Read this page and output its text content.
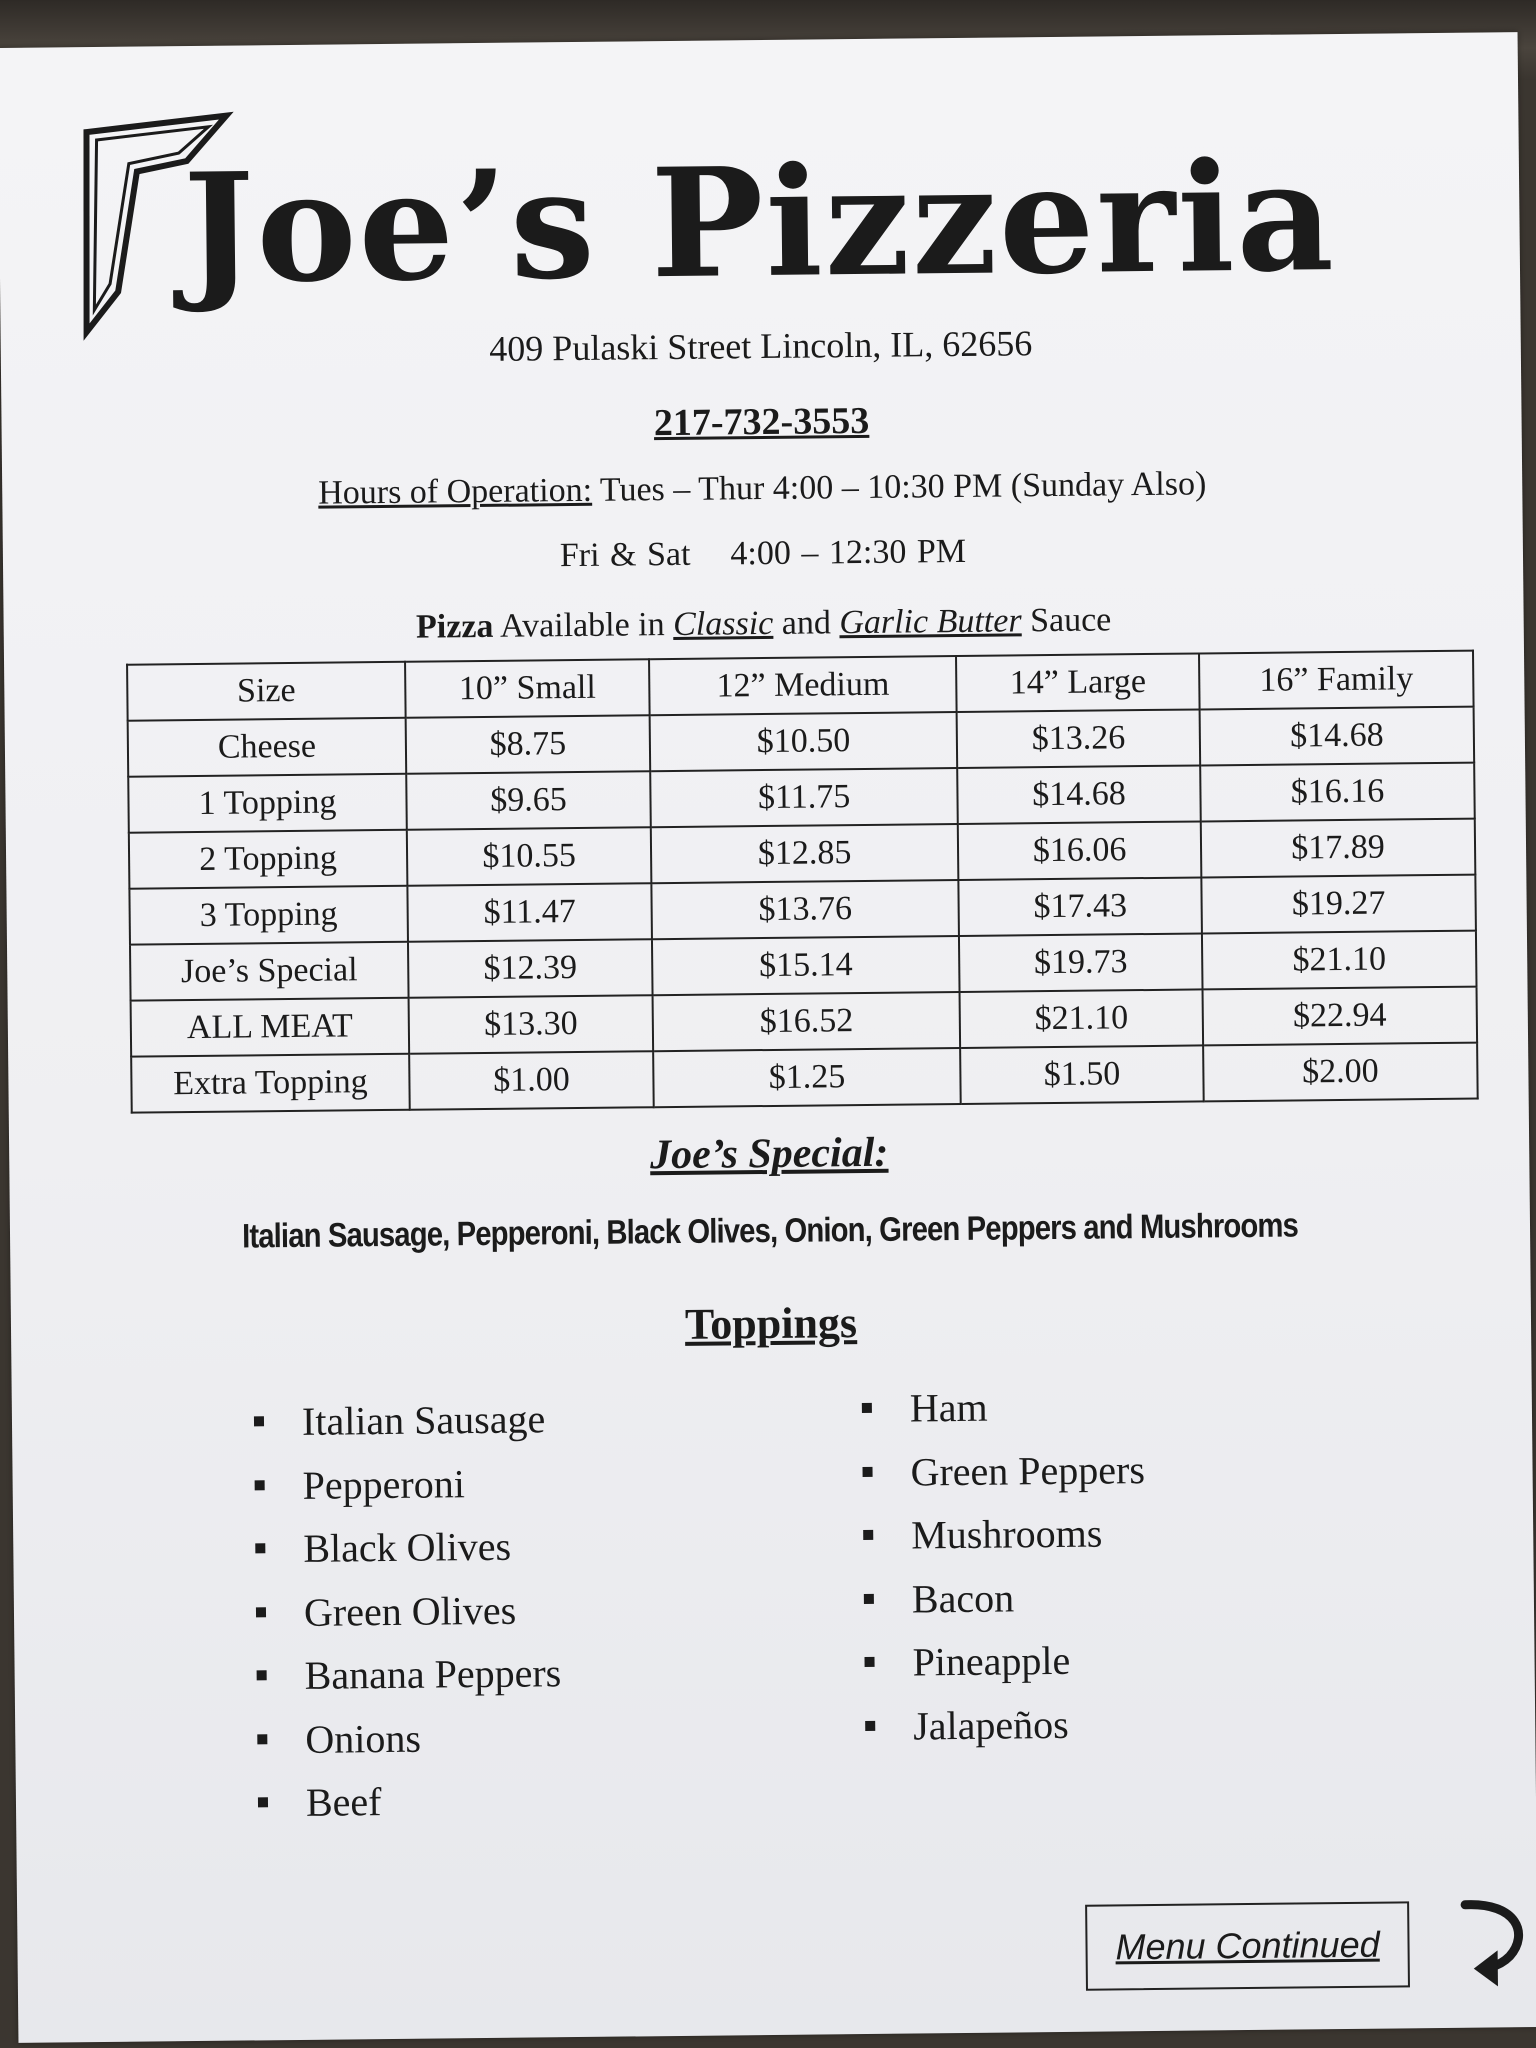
Joe’s Pizzeria
409 Pulaski Street Lincoln, IL, 62656
217-732-3553
Hours of Operation: Tues – Thur 4:00 – 10:30 PM (Sunday Also)
Fri & Sat 4:00 – 12:30 PM
Pizza Available in Classic and Garlic Butter Sauce
Size	10” Small	12” Medium	14” Large	16” Family
Cheese	$8.75	$10.50	$13.26	$14.68
1 Topping	$9.65	$11.75	$14.68	$16.16
2 Topping	$10.55	$12.85	$16.06	$17.89
3 Topping	$11.47	$13.76	$17.43	$19.27
Joe’s Special	$12.39	$15.14	$19.73	$21.10
ALL MEAT	$13.30	$16.52	$21.10	$22.94
Extra Topping	$1.00	$1.25	$1.50	$2.00
Joe’s Special:
Italian Sausage, Pepperoni, Black Olives, Onion, Green Peppers and Mushrooms
Toppings
Italian Sausage
Pepperoni
Black Olives
Green Olives
Banana Peppers
Onions
Beef
Ham
Green Peppers
Mushrooms
Bacon
Pineapple
Jalapeños
Menu Continued
